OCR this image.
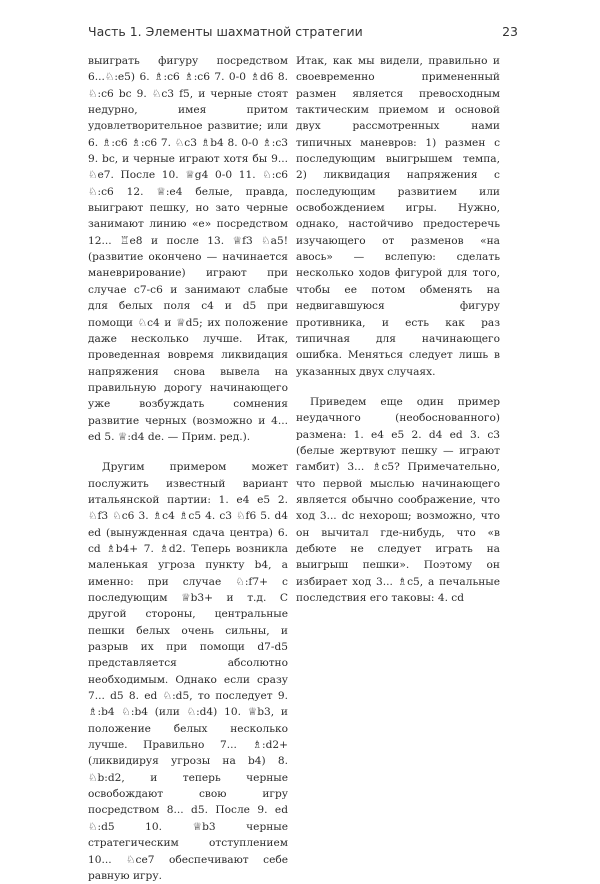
Часть 1. Элементы шахматной стратегии	23

выиграть фигуру посредством 6...♘:e5) 6. ♗:c6 ♗:c6 7. 0-0 ♗d6 8. ♘:c6 bc 9. ♘c3 f5, и черные стоят недурно, имея притом удовлетворительное развитие; или 6. ♗:c6 ♗:c6 7. ♘c3 ♗b4 8. 0-0 ♗:c3 9. bc, и черные играют хотя бы 9... ♘e7. После 10. ♕g4 0-0 11. ♘:c6 ♘:c6 12. ♕:e4 белые, правда, выиграют пешку, но зато черные занимают линию «е» посредством 12... ♖e8 и после 13. ♕f3 ♘a5! (развитие окончено — начинается маневрирование) играют при случае c7-c6 и занимают слабые для белых поля c4 и d5 при помощи ♘c4 и ♕d5; их положение даже несколько лучше. Итак, проведенная вовремя ликвидация напряжения снова вывела на правильную дорогу начинающего уже возбуждать сомнения развитие черных (возможно и 4... ed 5. ♕:d4 de. — Прим. ред.).

Другим примером может послужить известный вариант итальянской партии: 1. e4 e5 2. ♘f3 ♘c6 3. ♗c4 ♗c5 4. c3 ♘f6 5. d4 ed (вынужденная сдача центра) 6. cd ♗b4+ 7. ♗d2. Теперь возникла маленькая угроза пункту b4, а именно: при случае ♘:f7+ с последующим ♕b3+ и т.д. С другой стороны, центральные пешки белых очень сильны, и разрыв их при помощи d7-d5 представляется абсолютно необходимым. Однако если сразу 7... d5 8. ed ♘:d5, то последует 9. ♗:b4 ♘:b4 (или ♘:d4) 10. ♕b3, и положение белых несколько лучше. Правильно 7... ♗:d2+ (ликвидируя угрозы на b4) 8. ♘b:d2, и теперь черные освобождают свою игру посредством 8... d5. После 9. ed ♘:d5 10. ♕b3 черные стратегическим отступлением 10... ♘ce7 обеспечивают себе равную игру.

Итак, как мы видели, правильно и своевременно примененный размен является превосходным тактическим приемом и основой двух рассмотренных нами типичных маневров: 1) размен с последующим выигрышем темпа, 2) ликвидация напряжения с последующим развитием или освобождением игры. Нужно, однако, настойчиво предостеречь изучающего от разменов «на авось» — вслепую: сделать несколько ходов фигурой для того, чтобы ее потом обменять на недвигавшуюся фигуру противника, и есть как раз типичная для начинающего ошибка. Меняться следует лишь в указанных двух случаях.

Приведем еще один пример неудачного (необоснованного) размена: 1. e4 e5 2. d4 ed 3. c3 (белые жертвуют пешку — играют гамбит) 3... ♗c5? Примечательно, что первой мыслью начинающего является обычно соображение, что ход 3... dc нехорош; возможно, что он вычитал где-нибудь, что «в дебюте не следует играть на выигрыш пешки». Поэтому он избирает ход 3... ♗c5, а печальные последствия его таковы: 4. cd
